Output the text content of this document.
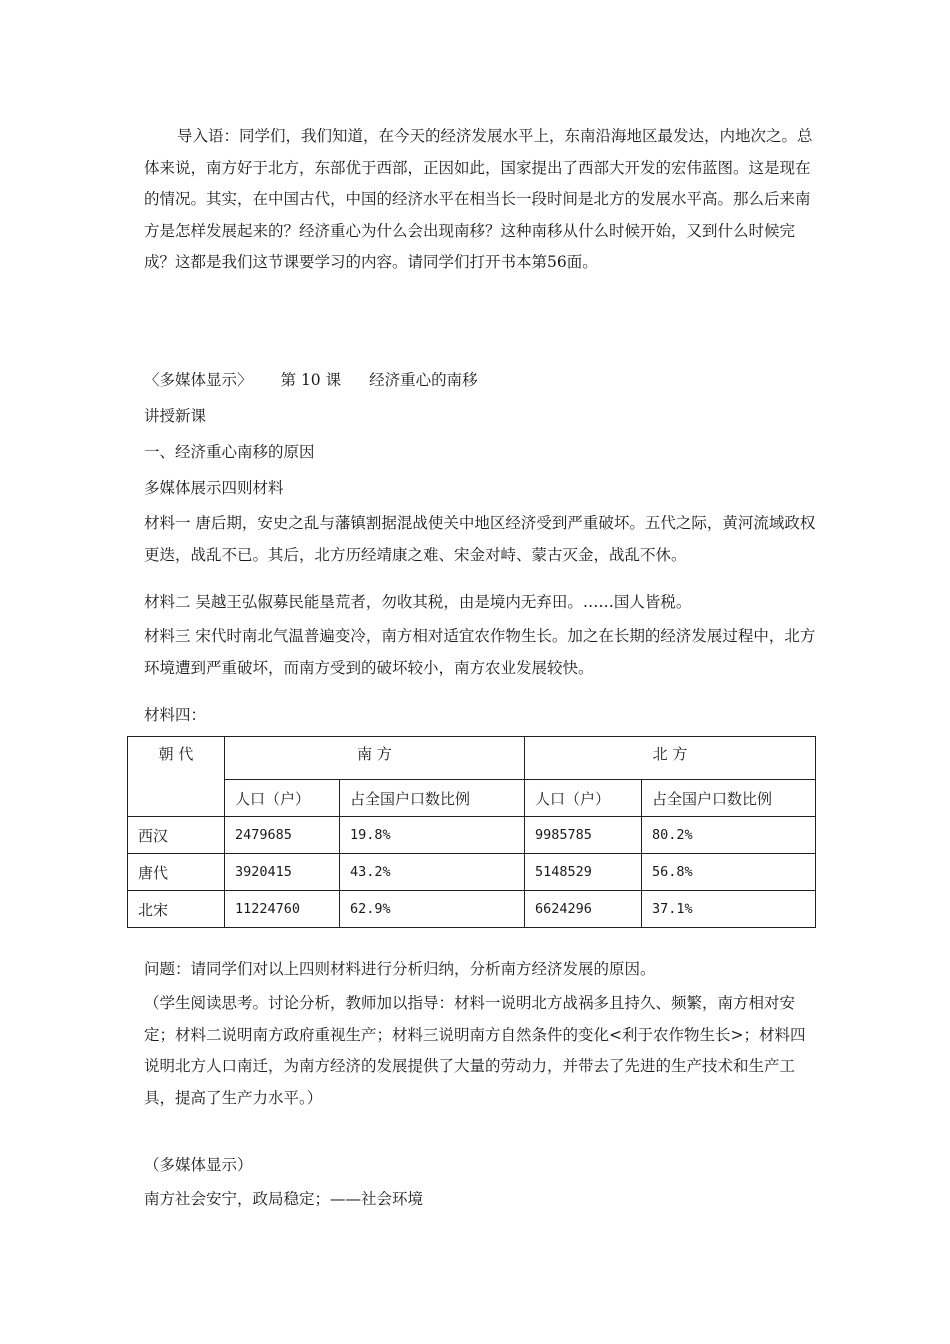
导入语：同学们，我们知道，在今天的经济发展水平上，东南沿海地区最发达，内地次之。总体来说，南方好于北方，东部优于西部，正因如此，国家提出了西部大开发的宏伟蓝图。这是现在的情况。其实，在中国古代，中国的经济水平在相当长一段时间是北方的发展水平高。那么后来南方是怎样发展起来的？经济重心为什么会出现南移？这种南移从什么时候开始，又到什么时候完成？这都是我们这节课要学习的内容。请同学们打开书本第56面。

〈多媒体显示〉 第 10 课 经济重心的南移

讲授新课

一、经济重心南移的原因

多媒体展示四则材料

材料一 唐后期，安史之乱与藩镇割据混战使关中地区经济受到严重破坏。五代之际，黄河流域政权更迭，战乱不已。其后，北方历经靖康之难、宋金对峙、蒙古灭金，战乱不休。

材料二 吴越王弘俶募民能垦荒者，勿收其税，由是境内无弃田。……国人皆税。

材料三 宋代时南北气温普遍变冷，南方相对适宜农作物生长。加之在长期的经济发展过程中，北方环境遭到严重破坏，而南方受到的破坏较小，南方农业发展较快。

材料四：

朝 代	南 方		北 方	
	人口（户）	占全国户口数比例	人口（户）	占全国户口数比例
西汉	2479685	19.8%	9985785	80.2%
唐代	3920415	43.2%	5148529	56.8%
北宋	11224760	62.9%	6624296	37.1%

问题：请同学们对以上四则材料进行分析归纳，分析南方经济发展的原因。

（学生阅读思考。讨论分析，教师加以指导：材料一说明北方战祸多且持久、频繁，南方相对安定；材料二说明南方政府重视生产；材料三说明南方自然条件的变化<利于农作物生长>；材料四说明北方人口南迁，为南方经济的发展提供了大量的劳动力，并带去了先进的生产技术和生产工具，提高了生产力水平。）

（多媒体显示）

南方社会安宁，政局稳定；——社会环境
